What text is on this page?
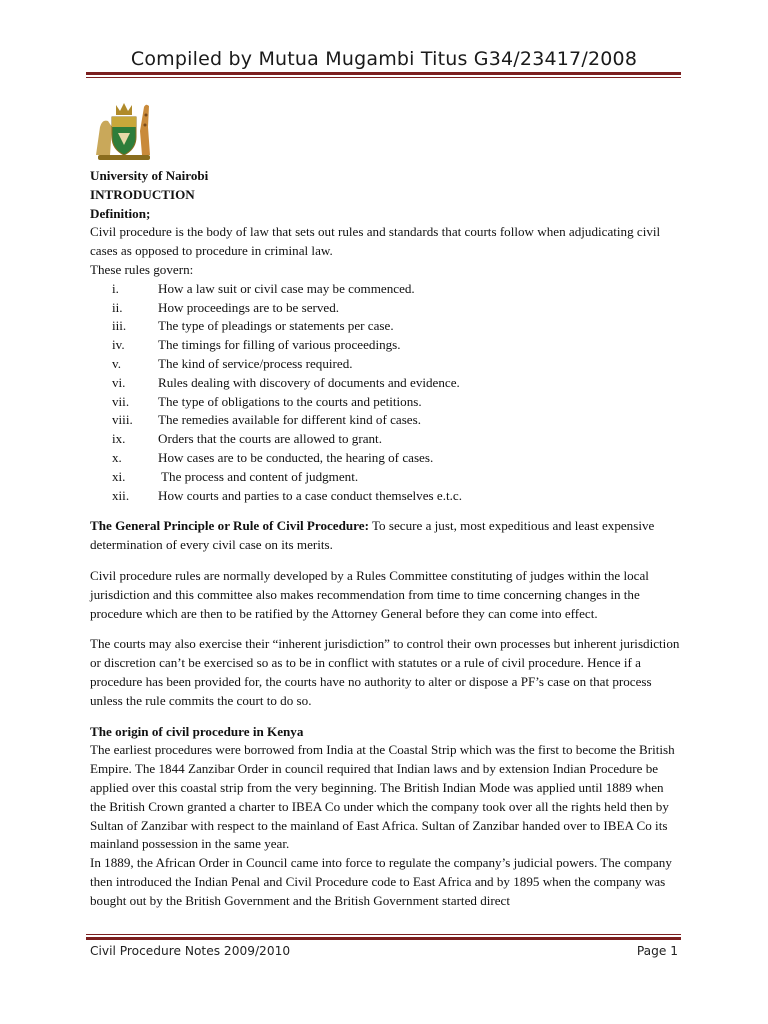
Compiled by Mutua Mugambi Titus G34/23417/2008

University of Nairobi

INTRODUCTION

Definition;

Civil procedure is the body of law that sets out rules and standards that courts follow when adjudicating civil cases as opposed to procedure in criminal law.

These rules govern:

i.	How a law suit or civil case may be commenced.
ii.	How proceedings are to be served.
iii.	The type of pleadings or statements per case.
iv.	The timings for filling of various proceedings.
v.	The kind of service/process required.
vi.	Rules dealing with discovery of documents and evidence.
vii.	The type of obligations to the courts and petitions.
viii.	The remedies available for different kind of cases.
ix.	Orders that the courts are allowed to grant.
x.	How cases are to be conducted, the hearing of cases.
xi.	The process and content of judgment.
xii.	How courts and parties to a case conduct themselves e.t.c.

The General Principle or Rule of Civil Procedure: To secure a just, most expeditious and least expensive determination of every civil case on its merits.

Civil procedure rules are normally developed by a Rules Committee constituting of judges within the local jurisdiction and this committee also makes recommendation from time to time concerning changes in the procedure which are then to be ratified by the Attorney General before they can come into effect.

The courts may also exercise their “inherent jurisdiction” to control their own processes but inherent jurisdiction or discretion can’t be exercised so as to be in conflict with statutes or a rule of civil procedure. Hence if a procedure has been provided for, the courts have no authority to alter or dispose a PF’s case on that process unless the rule commits the court to do so.

The origin of civil procedure in Kenya

The earliest procedures were borrowed from India at the Coastal Strip which was the first to become the British Empire. The 1844 Zanzibar Order in council required that Indian laws and by extension Indian Procedure be applied over this coastal strip from the very beginning. The British Indian Mode was applied until 1889 when the British Crown granted a charter to IBEA Co under which the company took over all the rights held then by Sultan of Zanzibar with respect to the mainland of East Africa. Sultan of Zanzibar handed over to IBEA Co its mainland possession in the same year.

In 1889, the African Order in Council came into force to regulate the company’s judicial powers. The company then introduced the Indian Penal and Civil Procedure code to East Africa and by 1895 when the company was bought out by the British Government and the British Government started direct

Civil Procedure Notes 2009/2010	Page 1
